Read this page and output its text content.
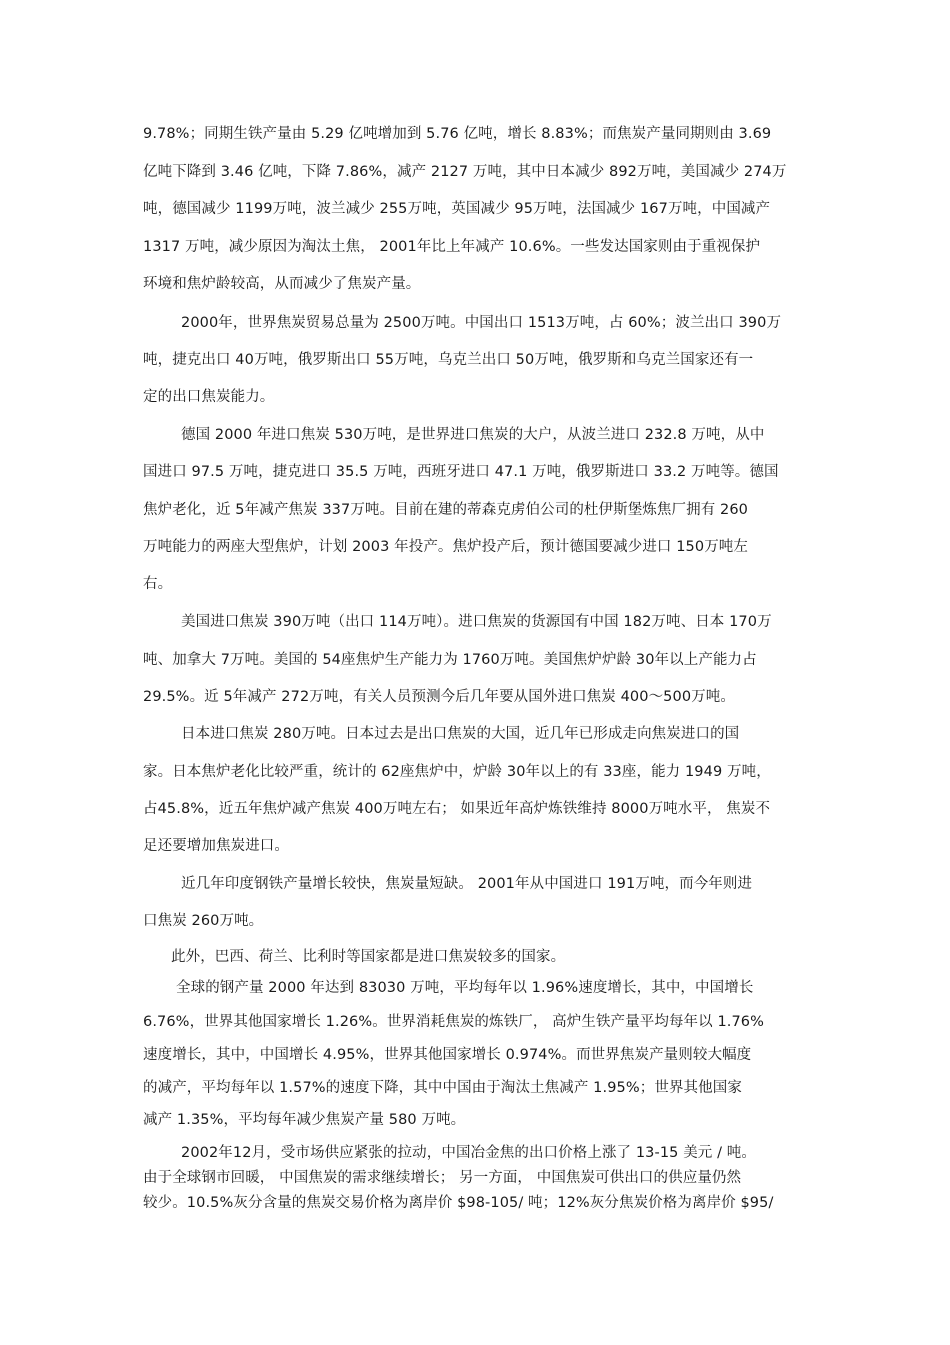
9.78%；同期生铁产量由 5.29 亿吨增加到 5.76 亿吨，增长 8.83%；而焦炭产量同期则由 3.69
亿吨下降到 3.46 亿吨，下降 7.86%，减产 2127 万吨，其中日本减少 892万吨，美国减少 274万
吨，德国减少 1199万吨，波兰减少 255万吨，英国减少 95万吨，法国减少 167万吨，中国减产
1317 万吨，减少原因为淘汰土焦， 2001年比上年减产 10.6%。一些发达国家则由于重视保护
环境和焦炉龄较高，从而减少了焦炭产量。
2000年，世界焦炭贸易总量为 2500万吨。中国出口 1513万吨，占 60%；波兰出口 390万
吨，捷克出口 40万吨，俄罗斯出口 55万吨，乌克兰出口 50万吨，俄罗斯和乌克兰国家还有一
定的出口焦炭能力。
德国 2000 年进口焦炭 530万吨，是世界进口焦炭的大户，从波兰进口 232.8 万吨，从中
国进口 97.5 万吨，捷克进口 35.5 万吨，西班牙进口 47.1 万吨，俄罗斯进口 33.2 万吨等。德国
焦炉老化，近 5年减产焦炭 337万吨。目前在建的蒂森克虏伯公司的杜伊斯堡炼焦厂拥有 260
万吨能力的两座大型焦炉，计划 2003 年投产。焦炉投产后，预计德国要减少进口 150万吨左
右。
美国进口焦炭 390万吨（出口 114万吨）。进口焦炭的货源国有中国 182万吨、日本 170万
吨、加拿大 7万吨。美国的 54座焦炉生产能力为 1760万吨。美国焦炉炉龄 30年以上产能力占
29.5%。近 5年减产 272万吨，有关人员预测今后几年要从国外进口焦炭 400～500万吨。
日本进口焦炭 280万吨。日本过去是出口焦炭的大国，近几年已形成走向焦炭进口的国
家。日本焦炉老化比较严重，统计的 62座焦炉中，炉龄 30年以上的有 33座，能力 1949 万吨，
占45.8%，近五年焦炉减产焦炭 400万吨左右； 如果近年高炉炼铁维持 8000万吨水平， 焦炭不
足还要增加焦炭进口。
近几年印度钢铁产量增长较快，焦炭量短缺。 2001年从中国进口 191万吨，而今年则进
口焦炭 260万吨。
此外，巴西、荷兰、比利时等国家都是进口焦炭较多的国家。
全球的钢产量 2000 年达到 83030 万吨，平均每年以 1.96%速度增长，其中，中国增长
6.76%，世界其他国家增长 1.26%。世界消耗焦炭的炼铁厂， 高炉生铁产量平均每年以 1.76%
速度增长，其中，中国增长 4.95%，世界其他国家增长 0.974%。而世界焦炭产量则较大幅度
的减产，平均每年以 1.57%的速度下降，其中中国由于淘汰土焦减产 1.95%；世界其他国家
减产 1.35%，平均每年减少焦炭产量 580 万吨。
2002年12月，受市场供应紧张的拉动，中国冶金焦的出口价格上涨了 13-15 美元 / 吨。
由于全球钢市回暖， 中国焦炭的需求继续增长； 另一方面， 中国焦炭可供出口的供应量仍然
较少。10.5%灰分含量的焦炭交易价格为离岸价 $98-105/ 吨；12%灰分焦炭价格为离岸价 $95/
